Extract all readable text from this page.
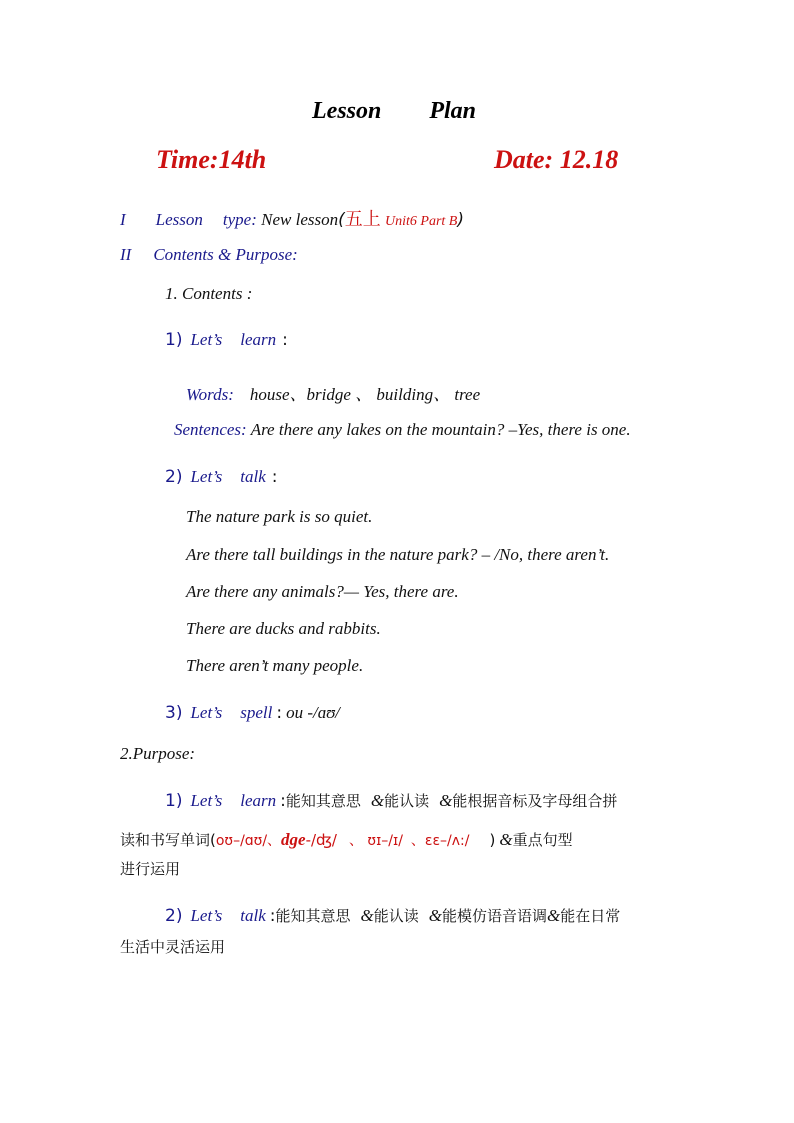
Lesson Plan
Time:14th	Date: 12.18
I Lesson type: New lesson(五上 Unit6 Part B)
II Contents & Purpose:
1. Contents :
1) Let’s learn :
Words: house、bridge 、 building、 tree
Sentences: Are there any lakes on the mountain? –Yes, there is one.
2) Let’s talk :
The nature park is so quiet.
Are there tall buildings in the nature park? – /No, there aren’t.
Are there any animals?— Yes, there are.
There are ducks and rabbits.
There aren’t many people.
3) Let’s spell : ou -/ɑʊ/
2.Purpose:
1) Let’s learn :能知其意思 &能认读 &能根据音标及字母组合拼
读和书写单词(oʊ–/ɑʊ/、dge-/ʤ/ 、 ʊɪ–/ɪ/ 、εε–/ʌ:/ ) &重点句型
进行运用
2) Let’s talk :能知其意思 &能认读 &能模仿语音语调&能在日常
生活中灵活运用
